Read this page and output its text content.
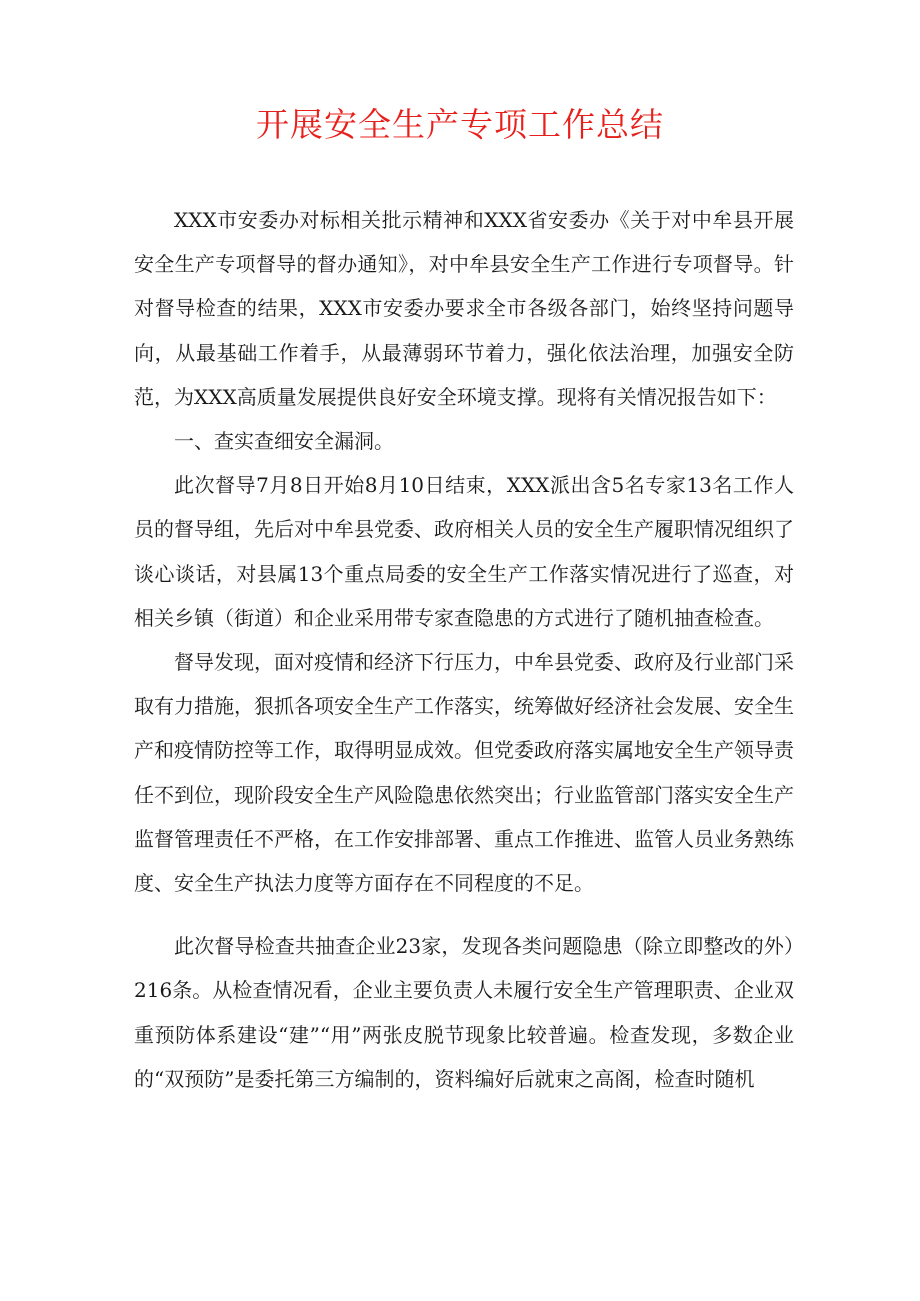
开展安全生产专项工作总结

XXX市安委办对标相关批示精神和XXX省安委办《关于对中牟县开展安全生产专项督导的督办通知》，对中牟县安全生产工作进行专项督导。针对督导检查的结果，XXX市安委办要求全市各级各部门，始终坚持问题导向，从最基础工作着手，从最薄弱环节着力，强化依法治理，加强安全防范，为XXX高质量发展提供良好安全环境支撑。现将有关情况报告如下：

一、查实查细安全漏洞。

此次督导7月8日开始8月10日结束，XXX派出含5名专家13名工作人员的督导组，先后对中牟县党委、政府相关人员的安全生产履职情况组织了谈心谈话，对县属13个重点局委的安全生产工作落实情况进行了巡查，对相关乡镇（街道）和企业采用带专家查隐患的方式进行了随机抽查检查。

督导发现，面对疫情和经济下行压力，中牟县党委、政府及行业部门采取有力措施，狠抓各项安全生产工作落实，统筹做好经济社会发展、安全生产和疫情防控等工作，取得明显成效。但党委政府落实属地安全生产领导责任不到位，现阶段安全生产风险隐患依然突出；行业监管部门落实安全生产监督管理责任不严格，在工作安排部署、重点工作推进、监管人员业务熟练度、安全生产执法力度等方面存在不同程度的不足。

此次督导检查共抽查企业23家，发现各类问题隐患（除立即整改的外）216条。从检查情况看，企业主要负责人未履行安全生产管理职责、企业双重预防体系建设“建”“用”两张皮脱节现象比较普遍。检查发现，多数企业的“双预防”是委托第三方编制的，资料编好后就束之高阁，检查时随机
